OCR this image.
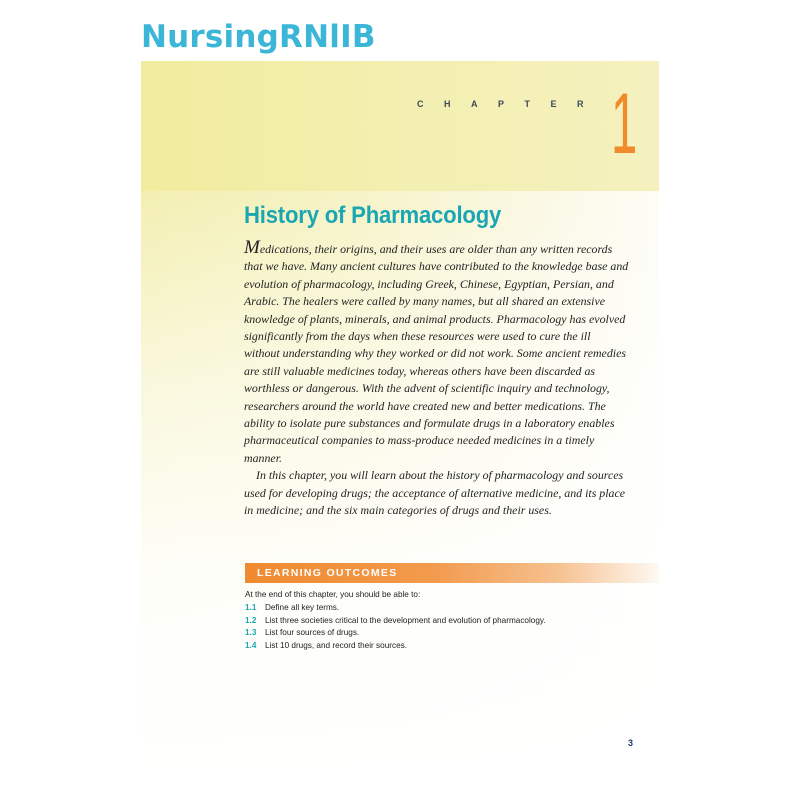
NursingRNlIB
CHAPTER 1
History of Pharmacology

Medications, their origins, and their uses are older than any written records that we have. Many ancient cultures have contributed to the knowledge base and evolution of pharmacology, including Greek, Chinese, Egyptian, Persian, and Arabic. The healers were called by many names, but all shared an extensive knowledge of plants, minerals, and animal products. Pharmacology has evolved significantly from the days when these resources were used to cure the ill without understanding why they worked or did not work. Some ancient remedies are still valuable medicines today, whereas others have been discarded as worthless or dangerous. With the advent of scientific inquiry and technology, researchers around the world have created new and better medications. The ability to isolate pure substances and formulate drugs in a laboratory enables pharmaceutical companies to mass-produce needed medicines in a timely manner.

In this chapter, you will learn about the history of pharmacology and sources used for developing drugs; the acceptance of alternative medicine, and its place in medicine; and the six main categories of drugs and their uses.

LEARNING OUTCOMES
At the end of this chapter, you should be able to:
1.1 Define all key terms.
1.2 List three societies critical to the development and evolution of pharmacology.
1.3 List four sources of drugs.
1.4 List 10 drugs, and record their sources.
3
